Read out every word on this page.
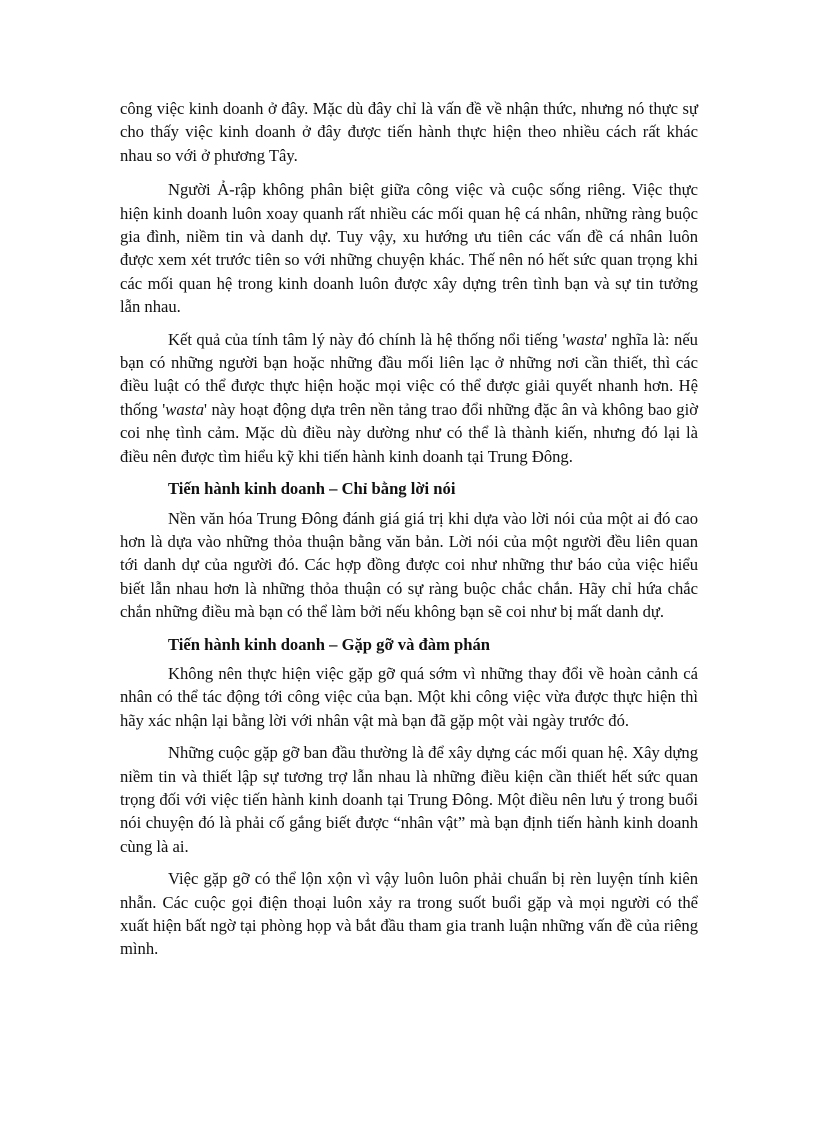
công việc kinh doanh ở đây. Mặc dù đây chỉ là vấn đề về nhận thức, nhưng nó thực sự cho thấy việc kinh doanh ở đây được tiến hành thực hiện theo nhiều cách rất khác nhau so với ở phương Tây.

Người Ả-rập không phân biệt giữa công việc và cuộc sống riêng. Việc thực hiện kinh doanh luôn xoay quanh rất nhiều các mối quan hệ cá nhân, những ràng buộc gia đình, niềm tin và danh dự. Tuy vậy, xu hướng ưu tiên các vấn đề cá nhân luôn được xem xét trước tiên so với những chuyện khác. Thế nên nó hết sức quan trọng khi các mối quan hệ trong kinh doanh luôn được xây dựng trên tình bạn và sự tin tưởng lẫn nhau.

Kết quả của tính tâm lý này đó chính là hệ thống nổi tiếng 'wasta' nghĩa là: nếu bạn có những người bạn hoặc những đầu mối liên lạc ở những nơi cần thiết, thì các điều luật có thể được thực hiện hoặc mọi việc có thể được giải quyết nhanh hơn. Hệ thống 'wasta' này hoạt động dựa trên nền tảng trao đổi những đặc ân và không bao giờ coi nhẹ tình cảm. Mặc dù điều này dường như có thể là thành kiến, nhưng đó lại là điều nên được tìm hiểu kỹ khi tiến hành kinh doanh tại Trung Đông.

Tiến hành kinh doanh – Chỉ bằng lời nói

Nền văn hóa Trung Đông đánh giá giá trị khi dựa vào lời nói của một ai đó cao hơn là dựa vào những thỏa thuận bằng văn bản. Lời nói của một người đều liên quan tới danh dự của người đó. Các hợp đồng được coi như những thư báo của việc hiểu biết lẫn nhau hơn là những thỏa thuận có sự ràng buộc chắc chắn. Hãy chỉ hứa chắc chắn những điều mà bạn có thể làm bởi nếu không bạn sẽ coi như bị mất danh dự.

Tiến hành kinh doanh – Gặp gỡ và đàm phán

Không nên thực hiện việc gặp gỡ quá sớm vì những thay đổi về hoàn cảnh cá nhân có thể tác động tới công việc của bạn. Một khi công việc vừa được thực hiện thì hãy xác nhận lại bằng lời với nhân vật mà bạn đã gặp một vài ngày trước đó.

Những cuộc gặp gỡ ban đầu thường là để xây dựng các mối quan hệ. Xây dựng niềm tin và thiết lập sự tương trợ lẫn nhau là những điều kiện cần thiết hết sức quan trọng đối với việc tiến hành kinh doanh tại Trung Đông. Một điều nên lưu ý trong buổi nói chuyện đó là phải cố gắng biết được “nhân vật” mà bạn định tiến hành kinh doanh cùng là ai.

Việc gặp gỡ có thể lộn xộn vì vậy luôn luôn phải chuẩn bị rèn luyện tính kiên nhẫn. Các cuộc gọi điện thoại luôn xảy ra trong suốt buổi gặp và mọi người có thể xuất hiện bất ngờ tại phòng họp và bắt đầu tham gia tranh luận những vấn đề của riêng mình.
